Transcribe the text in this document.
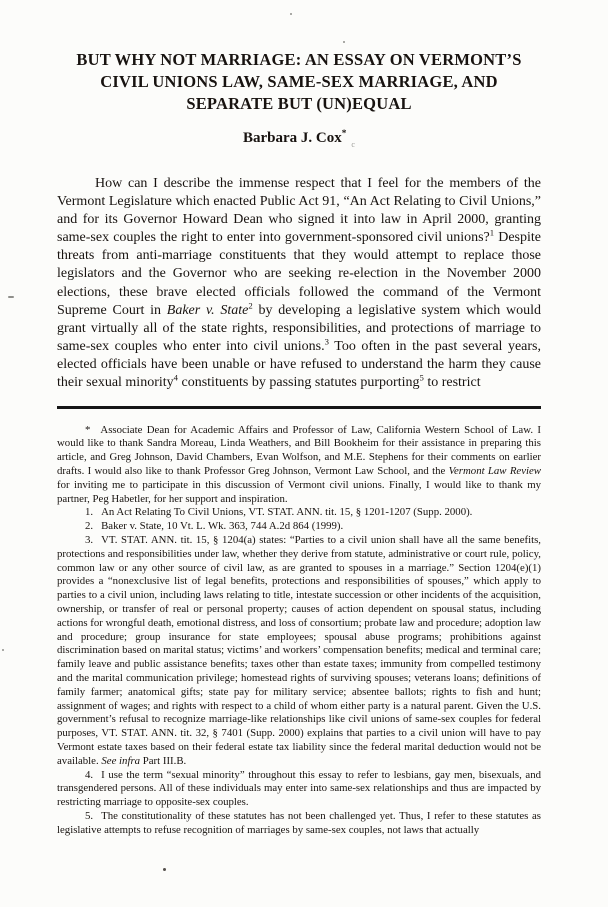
BUT WHY NOT MARRIAGE: AN ESSAY ON VERMONT’S CIVIL UNIONS LAW, SAME-SEX MARRIAGE, AND SEPARATE BUT (UN)EQUAL
Barbara J. Cox*$_c$

How can I describe the immense respect that I feel for the members of the Vermont Legislature which enacted Public Act 91, “An Act Relating to Civil Unions,” and for its Governor Howard Dean who signed it into law in April 2000, granting same-sex couples the right to enter into government-sponsored civil unions?$^1$ Despite threats from anti-marriage constituents that they would attempt to replace those legislators and the Governor who are seeking re-election in the November 2000 elections, these brave elected officials followed the command of the Vermont Supreme Court in Baker v. State$^2$ by developing a legislative system which would grant virtually all of the state rights, responsibilities, and protections of marriage to same-sex couples who enter into civil unions.$^3$ Too often in the past several years, elected officials have been unable or have refused to understand the harm they cause their sexual minority$^4$ constituents by passing statutes purporting$^5$ to restrict

* Associate Dean for Academic Affairs and Professor of Law, California Western School of Law. I would like to thank Sandra Moreau, Linda Weathers, and Bill Bookheim for their assistance in preparing this article, and Greg Johnson, David Chambers, Evan Wolfson, and M.E. Stephens for their comments on earlier drafts. I would also like to thank Professor Greg Johnson, Vermont Law School, and the Vermont Law Review for inviting me to participate in this discussion of Vermont civil unions. Finally, I would like to thank my partner, Peg Habetler, for her support and inspiration.

1. An Act Relating To Civil Unions, VT. STAT. ANN. tit. 15, § 1201-1207 (Supp. 2000).

2. Baker v. State, 10 Vt. L. Wk. 363, 744 A.2d 864 (1999).

3. VT. STAT. ANN. tit. 15, § 1204(a) states: “Parties to a civil union shall have all the same benefits, protections and responsibilities under law, whether they derive from statute, administrative or court rule, policy, common law or any other source of civil law, as are granted to spouses in a marriage.” Section 1204(e)(1) provides a “nonexclusive list of legal benefits, protections and responsibilities of spouses,” which apply to parties to a civil union, including laws relating to title, intestate succession or other incidents of the acquisition, ownership, or transfer of real or personal property; causes of action dependent on spousal status, including actions for wrongful death, emotional distress, and loss of consortium; probate law and procedure; adoption law and procedure; group insurance for state employees; spousal abuse programs; prohibitions against discrimination based on marital status; victims’ and workers’ compensation benefits; medical and terminal care; family leave and public assistance benefits; taxes other than estate taxes; immunity from compelled testimony and the marital communication privilege; homestead rights of surviving spouses; veterans loans; definitions of family farmer; anatomical gifts; state pay for military service; absentee ballots; rights to fish and hunt; assignment of wages; and rights with respect to a child of whom either party is a natural parent. Given the U.S. government’s refusal to recognize marriage-like relationships like civil unions of same-sex couples for federal purposes, VT. STAT. ANN. tit. 32, § 7401 (Supp. 2000) explains that parties to a civil union will have to pay Vermont estate taxes based on their federal estate tax liability since the federal marital deduction would not be available. See infra Part III.B.

4. I use the term “sexual minority” throughout this essay to refer to lesbians, gay men, bisexuals, and transgendered persons. All of these individuals may enter into same-sex relationships and thus are impacted by restricting marriage to opposite-sex couples.

5. The constitutionality of these statutes has not been challenged yet. Thus, I refer to these statutes as legislative attempts to refuse recognition of marriages by same-sex couples, not laws that actually
